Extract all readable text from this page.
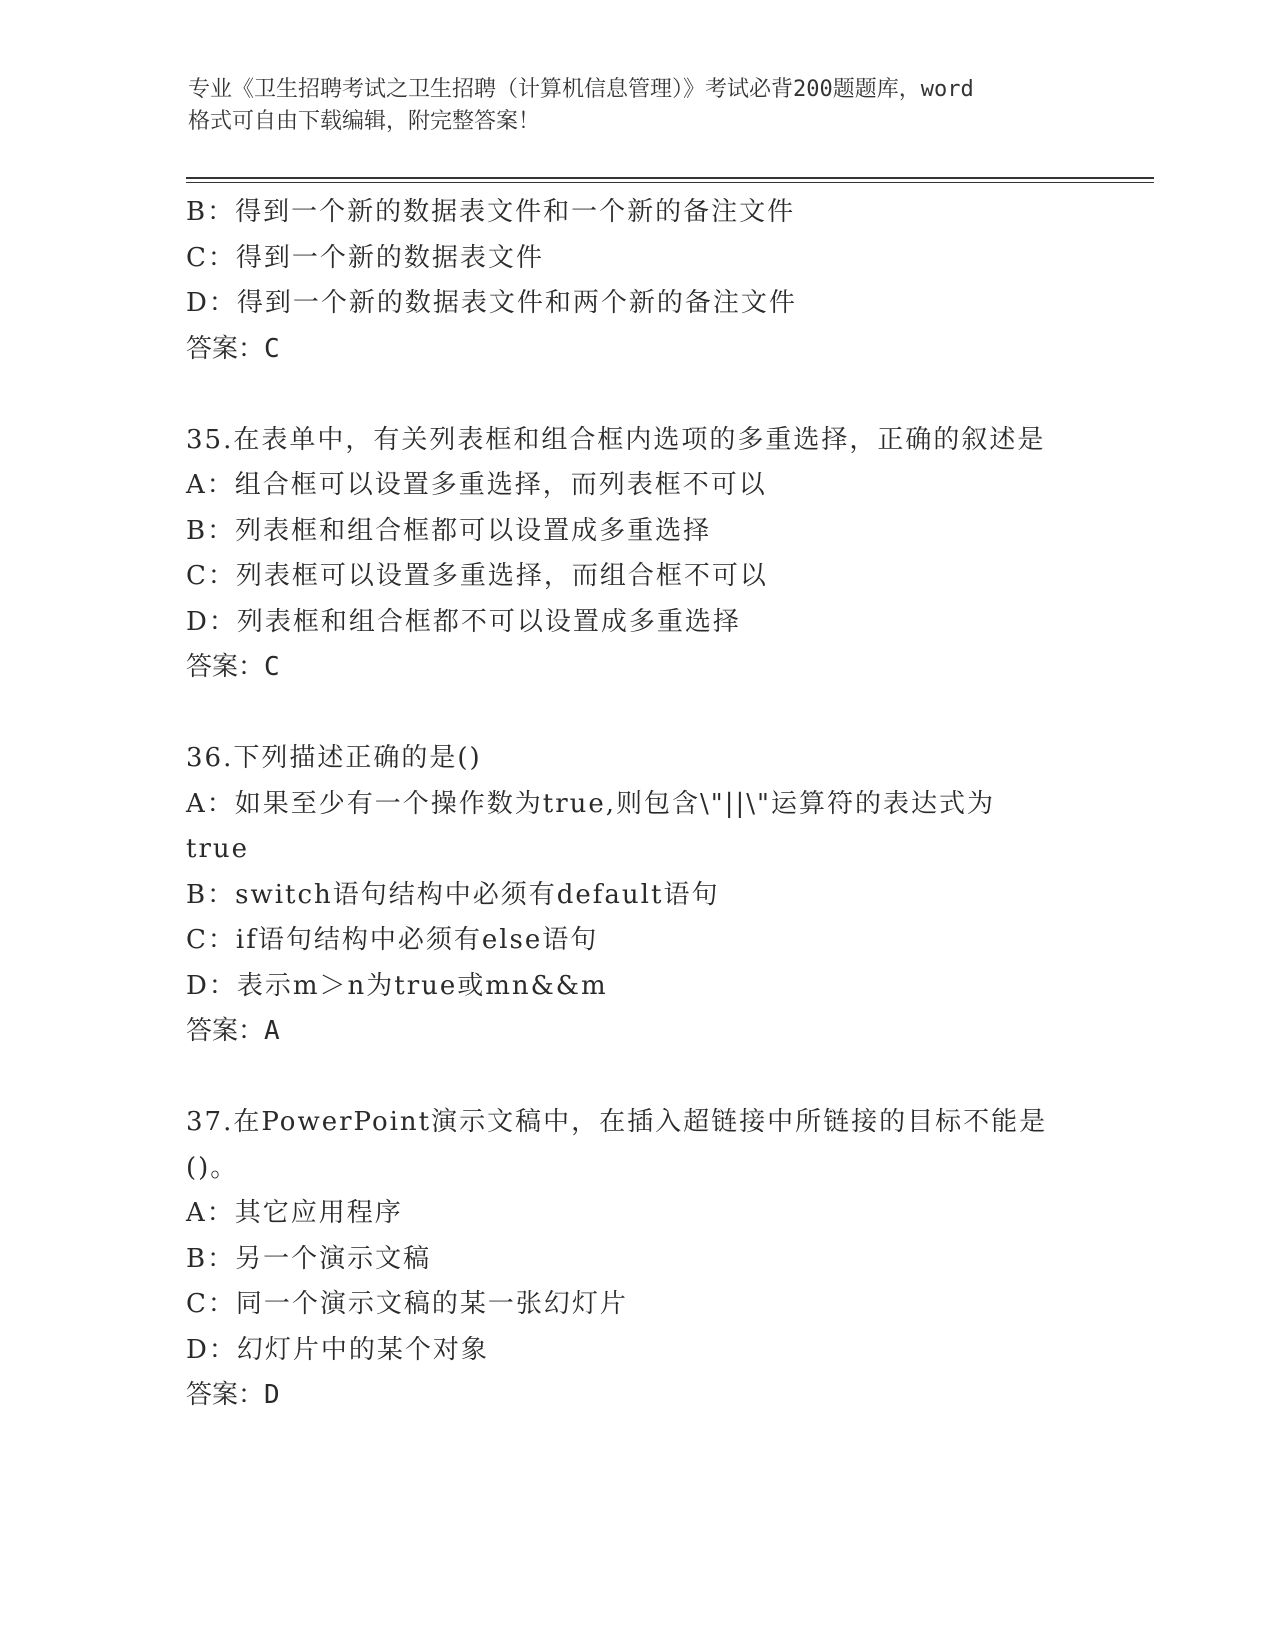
专业《卫生招聘考试之卫生招聘（计算机信息管理）》考试必背200题题库，word
格式可自由下载编辑，附完整答案！
B：得到一个新的数据表文件和一个新的备注文件
C：得到一个新的数据表文件
D：得到一个新的数据表文件和两个新的备注文件
答案：C
35.在表单中，有关列表框和组合框内选项的多重选择，正确的叙述是
A：组合框可以设置多重选择，而列表框不可以
B：列表框和组合框都可以设置成多重选择
C：列表框可以设置多重选择，而组合框不可以
D：列表框和组合框都不可以设置成多重选择
答案：C
36.下列描述正确的是()
A：如果至少有一个操作数为true,则包含\"||\"运算符的表达式为
true
B：switch语句结构中必须有default语句
C：if语句结构中必须有else语句
D：表示m＞n为true或mn&&m
答案：A
37.在PowerPoint演示文稿中，在插入超链接中所链接的目标不能是
()。
A：其它应用程序
B：另一个演示文稿
C：同一个演示文稿的某一张幻灯片
D：幻灯片中的某个对象
答案：D
